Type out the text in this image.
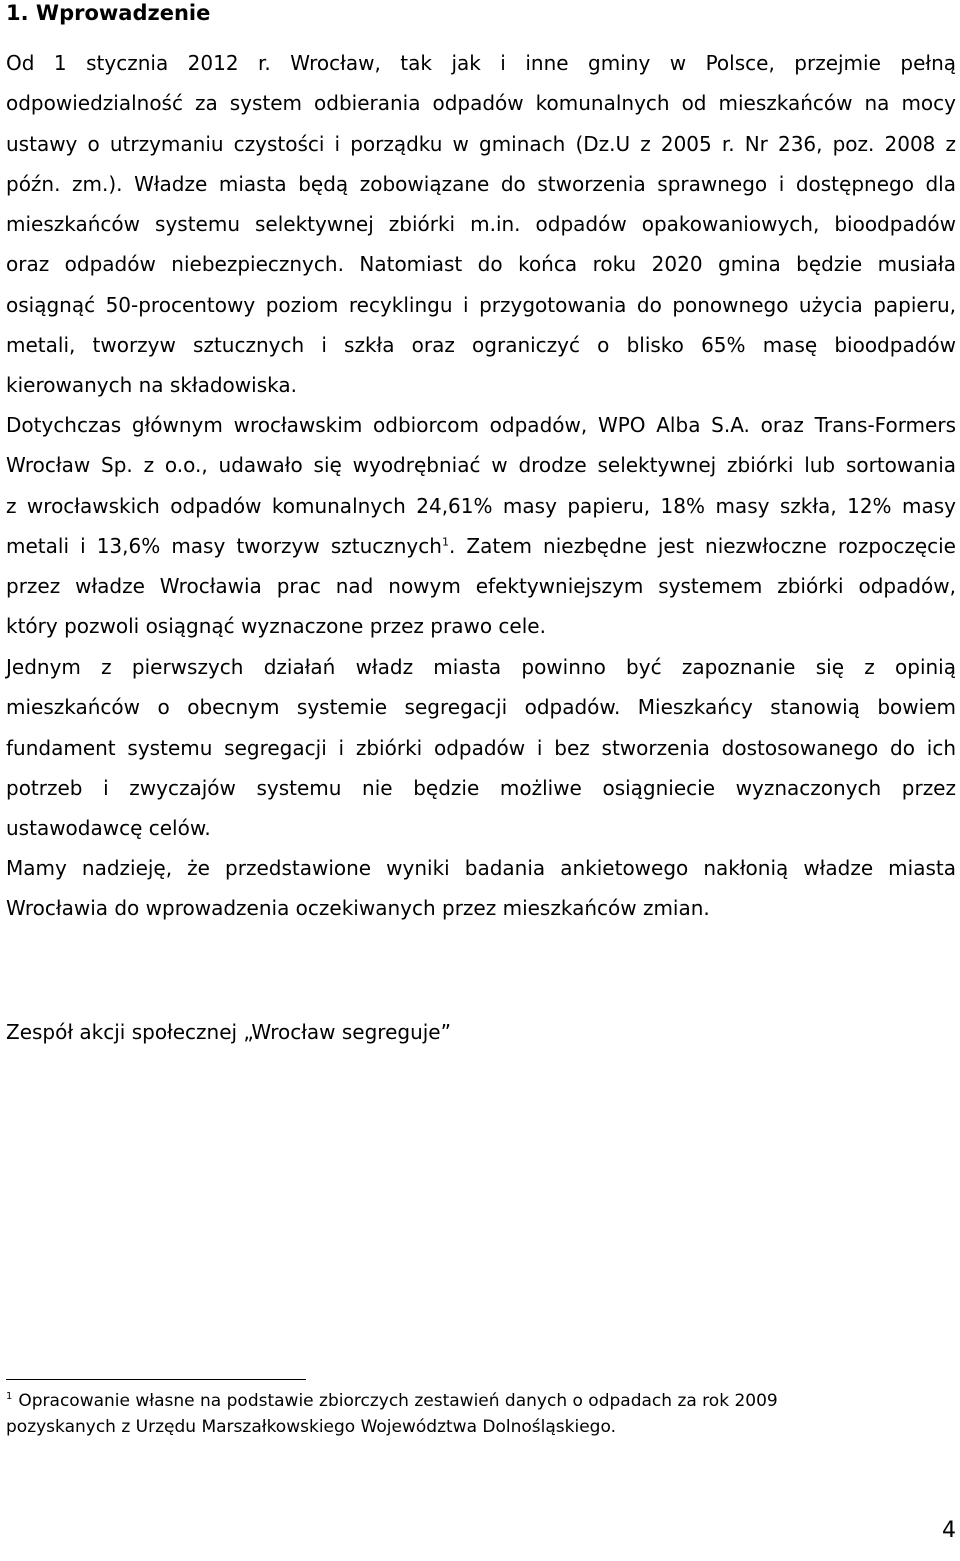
1. Wprowadzenie
Od 1 stycznia 2012 r. Wrocław, tak jak i inne gminy w Polsce, przejmie pełną
odpowiedzialność za system odbierania odpadów komunalnych od mieszkańców na mocy
ustawy o utrzymaniu czystości i porządku w gminach (Dz.U z 2005 r. Nr 236, poz. 2008 z
późn. zm.). Władze miasta będą zobowiązane do stworzenia sprawnego i dostępnego dla
mieszkańców systemu selektywnej zbiórki m.in. odpadów opakowaniowych, bioodpadów
oraz odpadów niebezpiecznych. Natomiast do końca roku 2020 gmina będzie musiała
osiągnąć 50-procentowy poziom recyklingu i przygotowania do ponownego użycia papieru,
metali, tworzyw sztucznych i szkła oraz ograniczyć o blisko 65% masę bioodpadów
kierowanych na składowiska.
Dotychczas głównym wrocławskim odbiorcom odpadów, WPO Alba S.A. oraz Trans-Formers
Wrocław Sp. z o.o., udawało się wyodrębniać w drodze selektywnej zbiórki lub sortowania
z wrocławskich odpadów komunalnych 24,61% masy papieru, 18% masy szkła, 12% masy
metali i 13,6% masy tworzyw sztucznych$^1$. Zatem niezbędne jest niezwłoczne rozpoczęcie
przez władze Wrocławia prac nad nowym efektywniejszym systemem zbiórki odpadów,
który pozwoli osiągnąć wyznaczone przez prawo cele.
Jednym z pierwszych działań władz miasta powinno być zapoznanie się z opinią
mieszkańców o obecnym systemie segregacji odpadów. Mieszkańcy stanowią bowiem
fundament systemu segregacji i zbiórki odpadów i bez stworzenia dostosowanego do ich
potrzeb i zwyczajów systemu nie będzie możliwe osiągniecie wyznaczonych przez
ustawodawcę celów.
Mamy nadzieję, że przedstawione wyniki badania ankietowego nakłonią władze miasta
Wrocławia do wprowadzenia oczekiwanych przez mieszkańców zmian.

Zespół akcji społecznej „Wrocław segreguje”

$^1$ Opracowanie własne na podstawie zbiorczych zestawień danych o odpadach za rok 2009
pozyskanych z Urzędu Marszałkowskiego Województwa Dolnośląskiego.
4
